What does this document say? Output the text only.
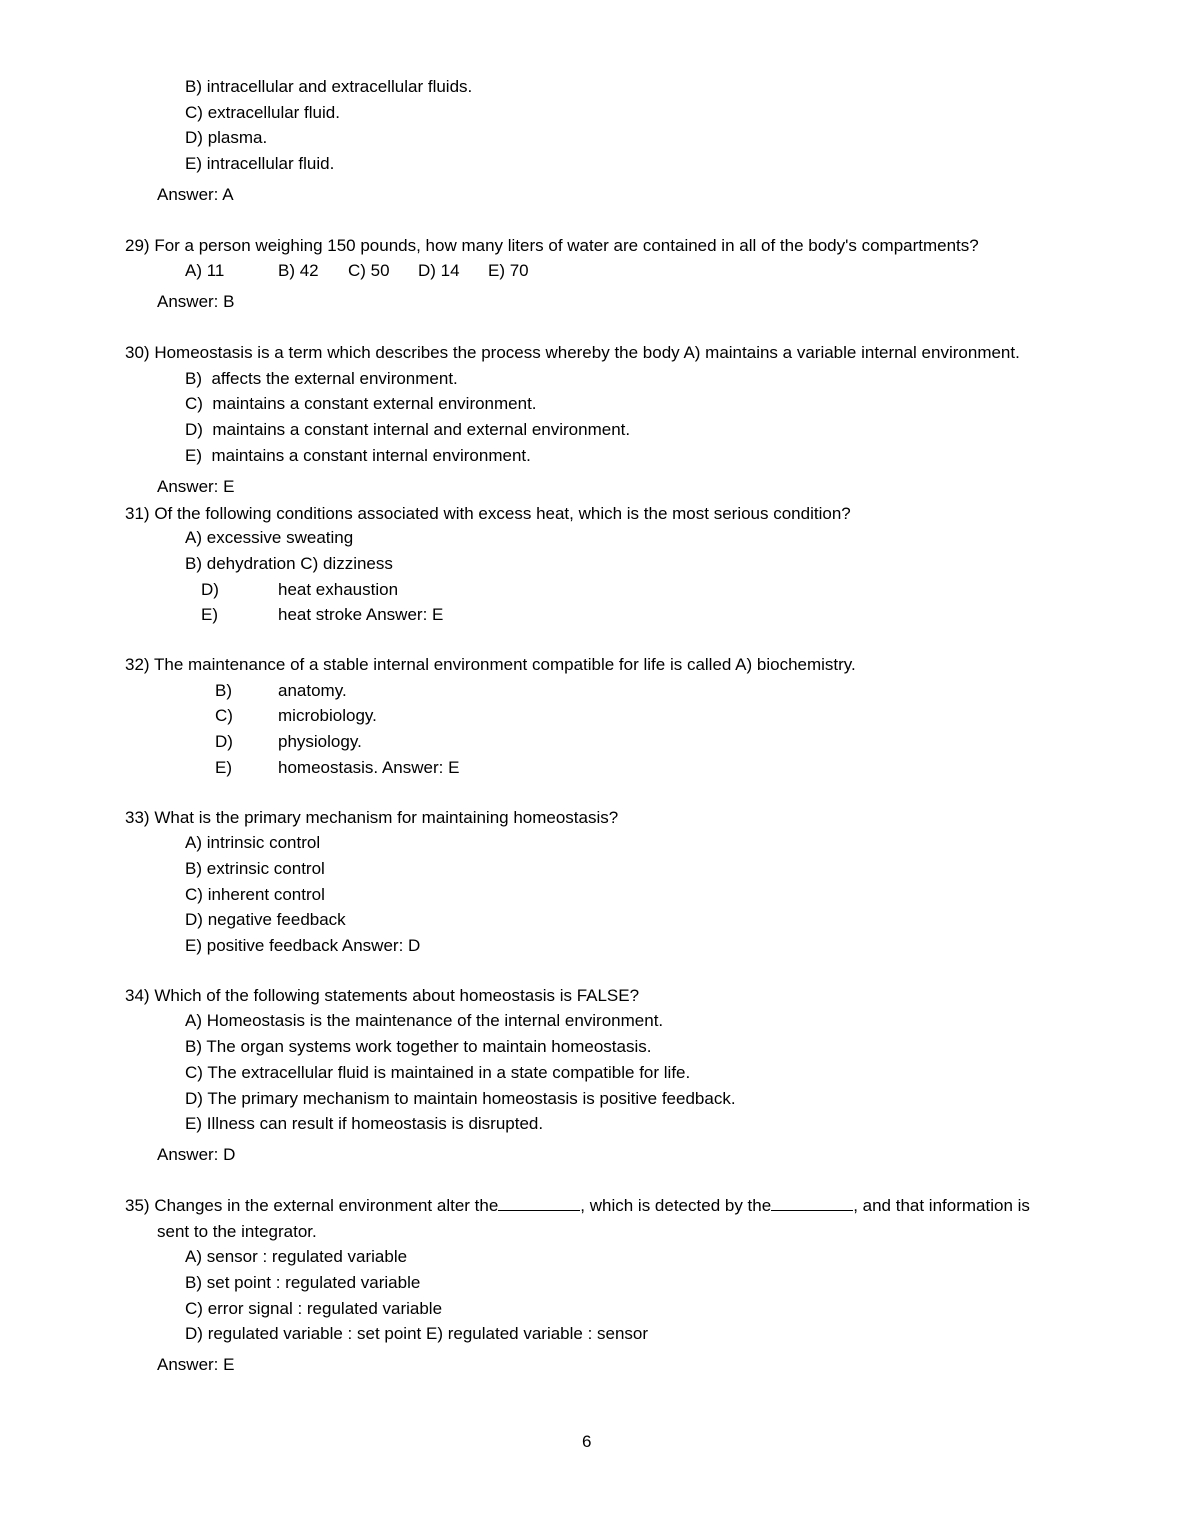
B) intracellular and extracellular fluids.
C) extracellular fluid.
D) plasma.
E) intracellular fluid.
Answer: A
29) For a person weighing 150 pounds, how many liters of water are contained in all of the body's compartments?
A) 11	B) 42 C) 50 D) 14 E) 70
Answer: B
30) Homeostasis is a term which describes the process whereby the body A) maintains a variable internal environment.
B) affects the external environment.
C) maintains a constant external environment.
D) maintains a constant internal and external environment.
E) maintains a constant internal environment.
Answer: E
31) Of the following conditions associated with excess heat, which is the most serious condition?
A) excessive sweating
B) dehydration C) dizziness
D)	heat exhaustion
E)	heat stroke Answer: E
32) The maintenance of a stable internal environment compatible for life is called A) biochemistry.
B)	anatomy.
C)	microbiology.
D)	physiology.
E)	homeostasis. Answer: E
33) What is the primary mechanism for maintaining homeostasis?
A) intrinsic control
B) extrinsic control
C) inherent control
D) negative feedback
E) positive feedback Answer: D
34) Which of the following statements about homeostasis is FALSE?
A) Homeostasis is the maintenance of the internal environment.
B) The organ systems work together to maintain homeostasis.
C) The extracellular fluid is maintained in a state compatible for life.
D) The primary mechanism to maintain homeostasis is positive feedback.
E) Illness can result if homeostasis is disrupted.
Answer: D
35) Changes in the external environment alter the	, which is detected by the	, and that information is
sent to the integrator.
A) sensor : regulated variable
B) set point : regulated variable
C) error signal : regulated variable
D) regulated variable : set point E) regulated variable : sensor
Answer: E
6
